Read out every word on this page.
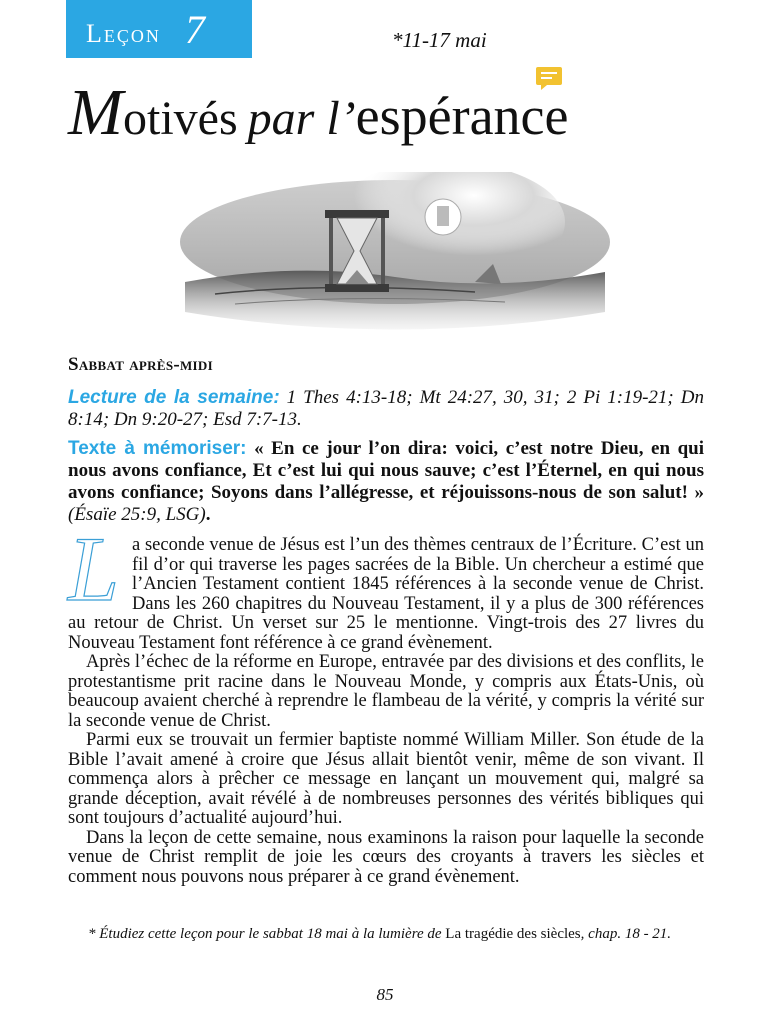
Leçon 7	*11-17 mai
M otivés par l’ espérance
Sabbat après-midi
Lecture de la semaine: 1 Thes 4:13-18; Mt 24:27, 30, 31; 2 Pi 1:19-21; Dn 8:14; Dn 9:20-27; Esd 7:7-13.
Texte à mémoriser: « En ce jour l’on dira: voici, c’est notre Dieu, en qui nous avons confiance, Et c’est lui qui nous sauve; c’est l’Éternel, en qui nous avons confiance; Soyons dans l’allégresse, et réjouissons-nous de son salut! » (Ésaïe 25:9, LSG).

La seconde venue de Jésus est l’un des thèmes centraux de l’Écriture. C’est un fil d’or qui traverse les pages sacrées de la Bible. Un chercheur a estimé que l’Ancien Testament contient 1845 références à la seconde venue de Christ. Dans les 260 chapitres du Nouveau Testament, il y a plus de 300 références au retour de Christ. Un verset sur 25 le mentionne. Vingt-trois des 27 livres du Nouveau Testament font référence à ce grand évènement.

Après l’échec de la réforme en Europe, entravée par des divisions et des conflits, le protestantisme prit racine dans le Nouveau Monde, y compris aux États-Unis, où beaucoup avaient cherché à reprendre le flambeau de la vérité, y compris la vérité sur la seconde venue de Christ.

Parmi eux se trouvait un fermier baptiste nommé William Miller. Son étude de la Bible l’avait amené à croire que Jésus allait bientôt venir, même de son vivant. Il commença alors à prêcher ce message en lançant un mouvement qui, malgré sa grande déception, avait révélé à de nombreuses personnes des vérités bibliques qui sont toujours d’actualité aujourd’hui.

Dans la leçon de cette semaine, nous examinons la raison pour laquelle la seconde venue de Christ remplit de joie les cœurs des croyants à travers les siècles et comment nous pouvons nous préparer à ce grand évènement.

* Étudiez cette leçon pour le sabbat 18 mai à la lumière de La tragédie des siècles, chap. 18 - 21.
85
